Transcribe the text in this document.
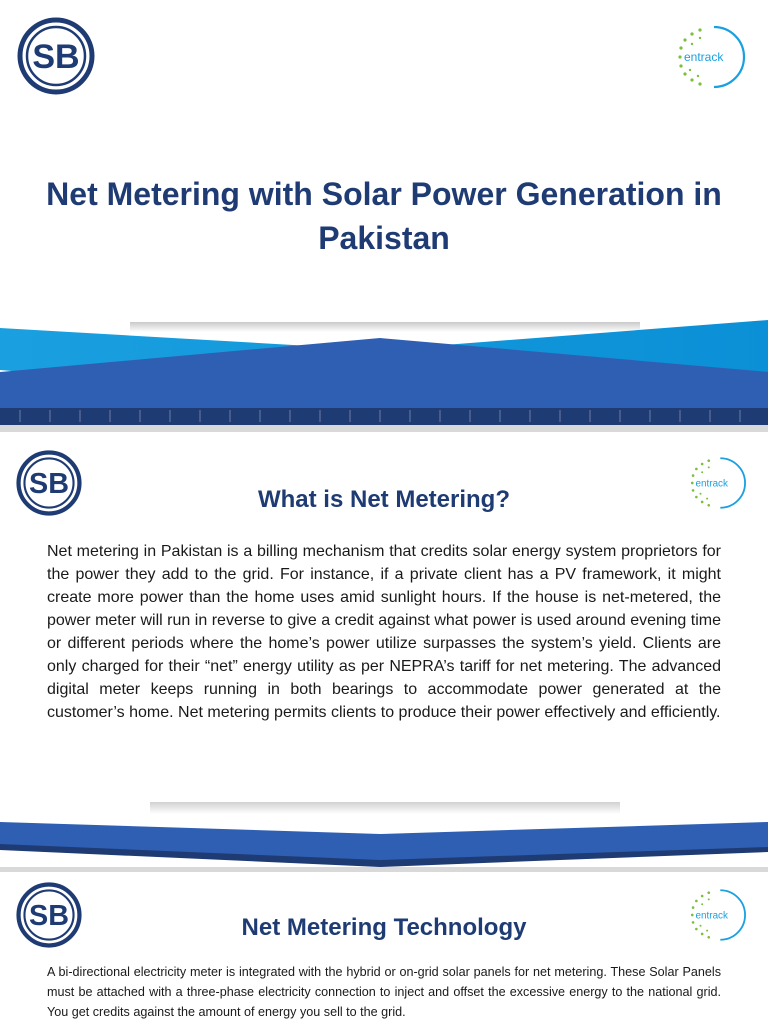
SB	entrack
Net Metering with Solar Power Generation in Pakistan
SB	entrack
What is Net Metering?

Net metering in Pakistan is a billing mechanism that credits solar energy system proprietors for the power they add to the grid. For instance, if a private client has a PV framework, it might create more power than the home uses amid sunlight hours. If the house is net-metered, the power meter will run in reverse to give a credit against what power is used around evening time or different periods where the home’s power utilize surpasses the system’s yield. Clients are only charged for their “net” energy utility as per NEPRA’s tariff for net metering. The advanced digital meter keeps running in both bearings to accommodate power generated at the customer’s home. Net metering permits clients to produce their power effectively and efficiently.

SB	entrack
Net Metering Technology

A bi-directional electricity meter is integrated with the hybrid or on-grid solar panels for net metering. These Solar Panels must be attached with a three-phase electricity connection to inject and offset the excessive energy to the national grid. You get credits against the amount of energy you sell to the grid.
